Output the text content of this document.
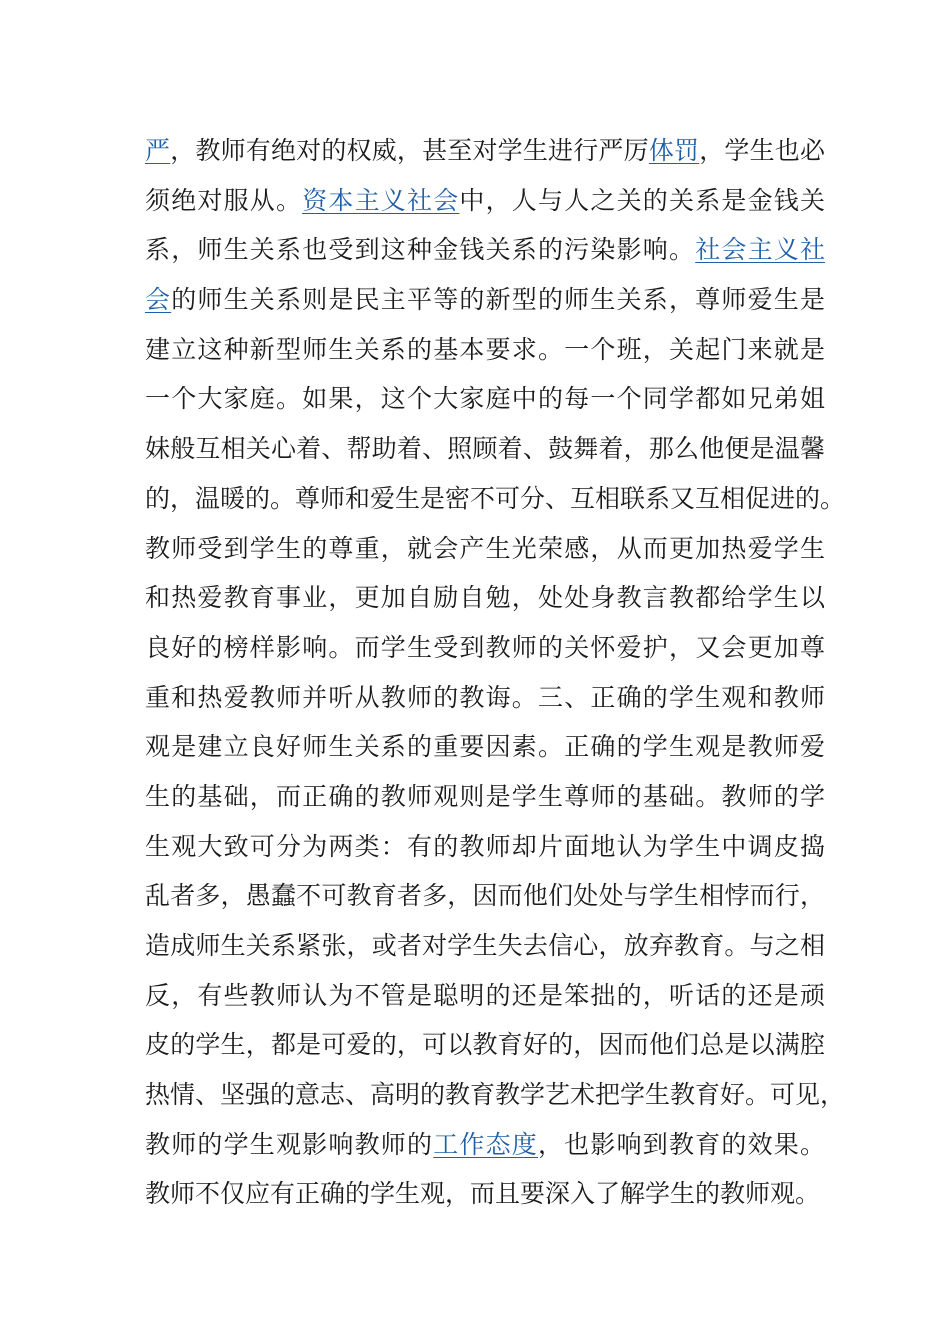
严，教师有绝对的权威，甚至对学生进行严厉体罚，学生也必
须绝对服从。资本主义社会中，人与人之关的关系是金钱关
系，师生关系也受到这种金钱关系的污染影响。社会主义社
会的师生关系则是民主平等的新型的师生关系，尊师爱生是
建立这种新型师生关系的基本要求。一个班，关起门来就是
一个大家庭。如果，这个大家庭中的每一个同学都如兄弟姐
妹般互相关心着、帮助着、照顾着、鼓舞着，那么他便是温馨
的，温暖的。尊师和爱生是密不可分、互相联系又互相促进的。
教师受到学生的尊重，就会产生光荣感，从而更加热爱学生
和热爱教育事业，更加自励自勉，处处身教言教都给学生以
良好的榜样影响。而学生受到教师的关怀爱护，又会更加尊
重和热爱教师并听从教师的教诲。三、正确的学生观和教师
观是建立良好师生关系的重要因素。正确的学生观是教师爱
生的基础，而正确的教师观则是学生尊师的基础。教师的学
生观大致可分为两类：有的教师却片面地认为学生中调皮捣
乱者多，愚蠢不可教育者多，因而他们处处与学生相悖而行，
造成师生关系紧张，或者对学生失去信心，放弃教育。与之相
反，有些教师认为不管是聪明的还是笨拙的，听话的还是顽
皮的学生，都是可爱的，可以教育好的，因而他们总是以满腔
热情、坚强的意志、高明的教育教学艺术把学生教育好。可见，
教师的学生观影响教师的工作态度，也影响到教育的效果。
教师不仅应有正确的学生观，而且要深入了解学生的教师观。
